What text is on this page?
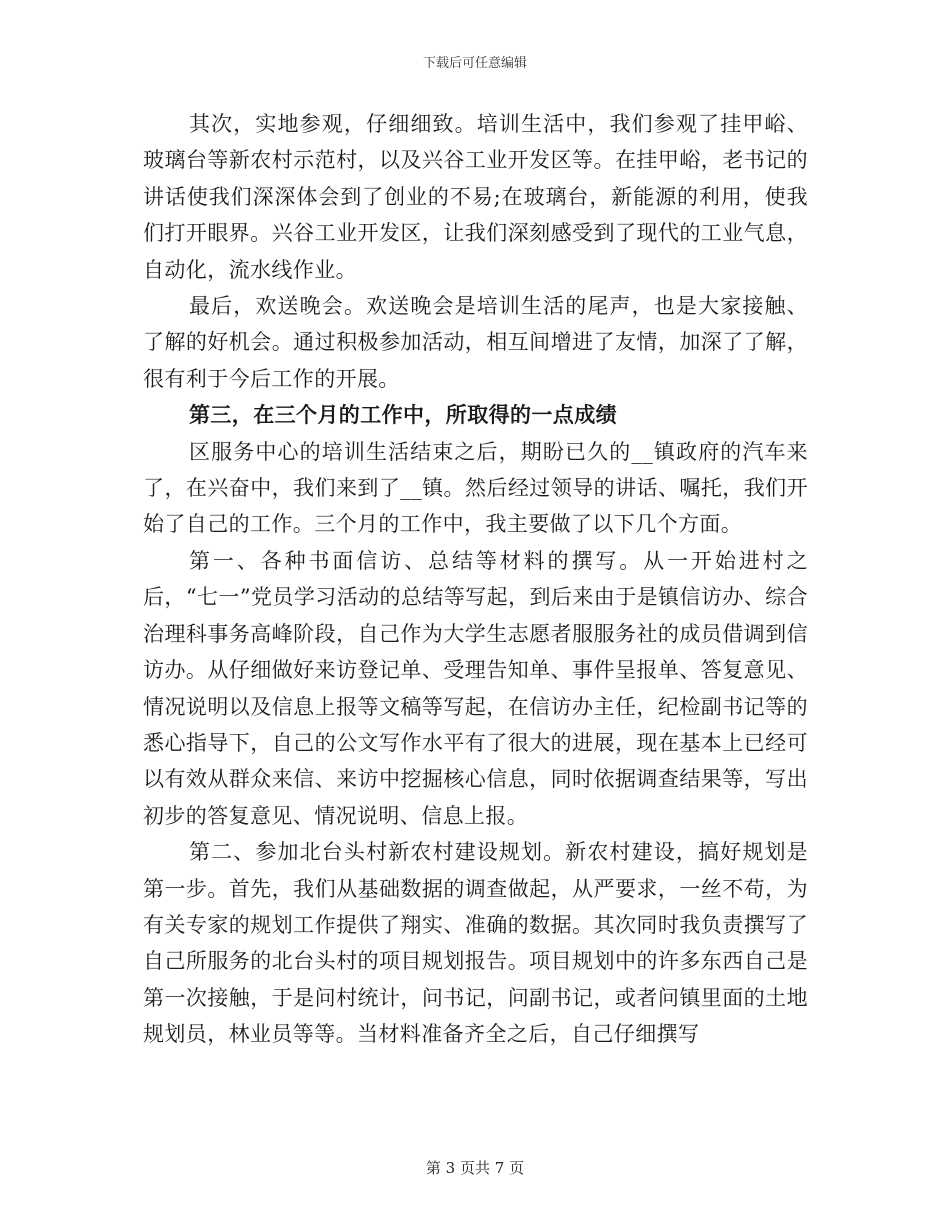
下载后可任意编辑

其次，实地参观，仔细细致。培训生活中，我们参观了挂甲峪、玻璃台等新农村示范村，以及兴谷工业开发区等。在挂甲峪，老书记的讲话使我们深深体会到了创业的不易;在玻璃台，新能源的利用，使我们打开眼界。兴谷工业开发区，让我们深刻感受到了现代的工业气息，自动化，流水线作业。

最后，欢送晚会。欢送晚会是培训生活的尾声，也是大家接触、了解的好机会。通过积极参加活动，相互间增进了友情，加深了了解，很有利于今后工作的开展。

第三，在三个月的工作中，所取得的一点成绩

区服务中心的培训生活结束之后，期盼已久的__镇政府的汽车来了，在兴奋中，我们来到了__镇。然后经过领导的讲话、嘱托，我们开始了自己的工作。三个月的工作中，我主要做了以下几个方面。

第一、各种书面信访、总结等材料的撰写。从一开始进村之后，“七一”党员学习活动的总结等写起，到后来由于是镇信访办、综合治理科事务高峰阶段，自己作为大学生志愿者服服务社的成员借调到信访办。从仔细做好来访登记单、受理告知单、事件呈报单、答复意见、情况说明以及信息上报等文稿等写起，在信访办主任，纪检副书记等的悉心指导下，自己的公文写作水平有了很大的进展，现在基本上已经可以有效从群众来信、来访中挖掘核心信息，同时依据调查结果等，写出初步的答复意见、情况说明、信息上报。

第二、参加北台头村新农村建设规划。新农村建设，搞好规划是第一步。首先，我们从基础数据的调查做起，从严要求，一丝不苟，为有关专家的规划工作提供了翔实、准确的数据。其次同时我负责撰写了自己所服务的北台头村的项目规划报告。项目规划中的许多东西自己是第一次接触，于是问村统计，问书记，问副书记，或者问镇里面的土地规划员，林业员等等。当材料准备齐全之后，自己仔细撰写

第 3 页共 7 页
